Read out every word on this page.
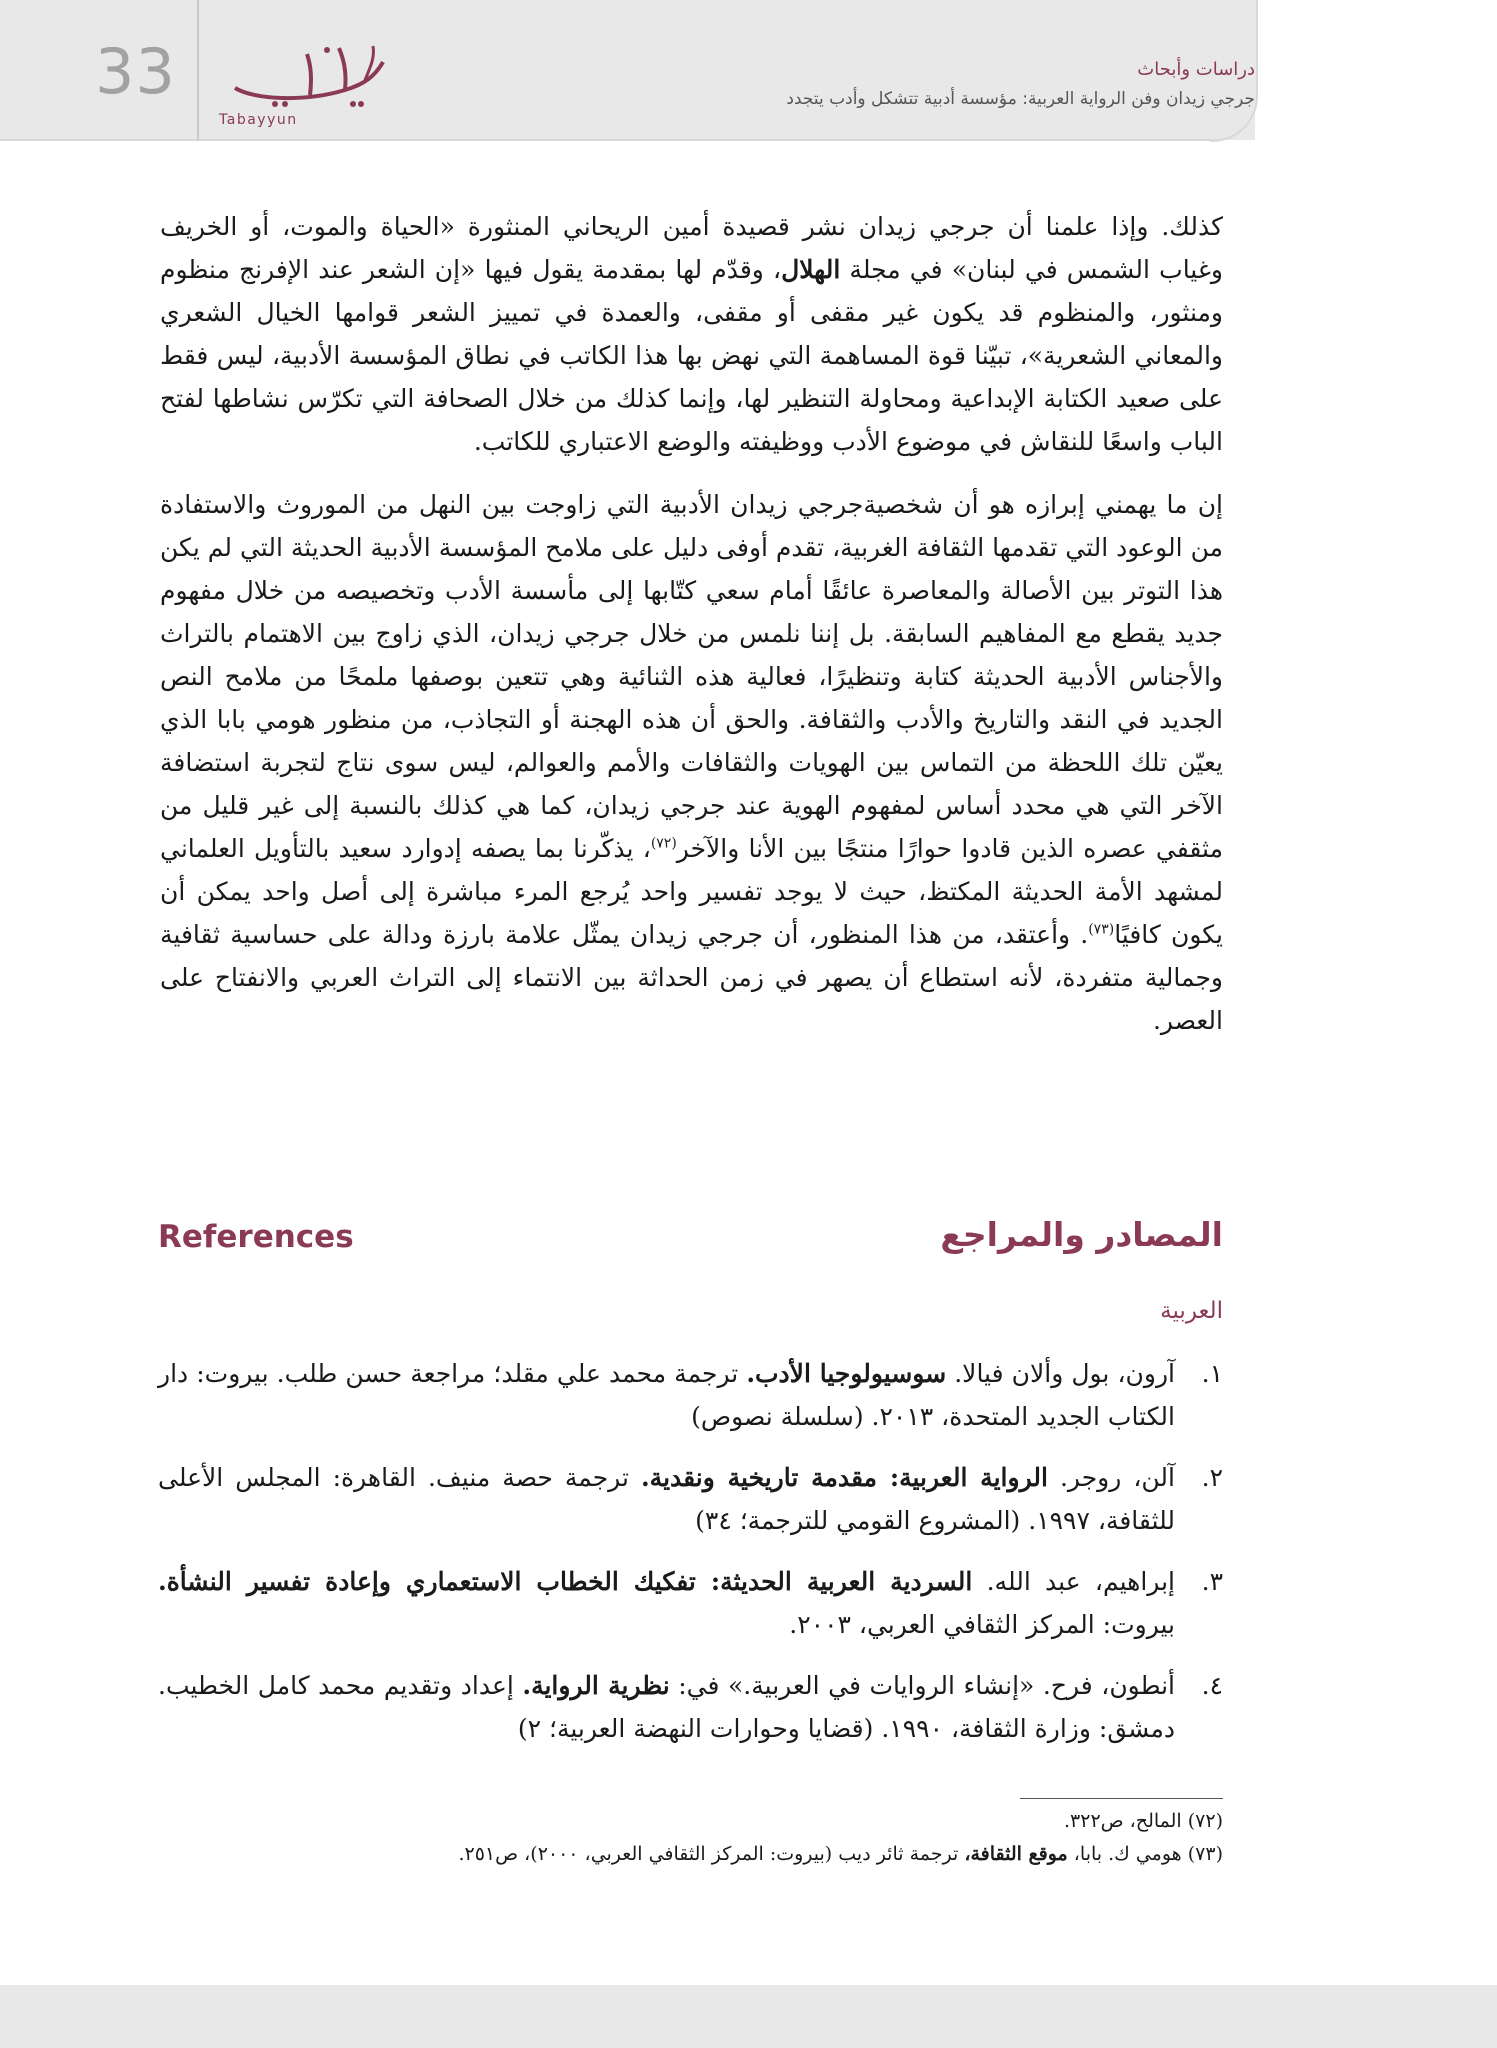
33
Tabayyun
دراسات وأبحاث
جرجي زيدان وفن الرواية العربية: مؤسسة أدبية تتشكل وأدب يتجدد

كذلك. وإذا علمنا أن جرجي زيدان نشر قصيدة أمين الريحاني المنثورة «الحياة والموت، أو الخريف وغياب الشمس في لبنان» في مجلة الهلال، وقدّم لها بمقدمة يقول فيها «إن الشعر عند الإفرنج منظوم ومنثور، والمنظوم قد يكون غير مقفى أو مقفى، والعمدة في تمييز الشعر قوامها الخيال الشعري والمعاني الشعرية»، تبيّنا قوة المساهمة التي نهض بها هذا الكاتب في نطاق المؤسسة الأدبية، ليس فقط على صعيد الكتابة الإبداعية ومحاولة التنظير لها، وإنما كذلك من خلال الصحافة التي تكرّس نشاطها لفتح الباب واسعًا للنقاش في موضوع الأدب ووظيفته والوضع الاعتباري للكاتب.

إن ما يهمني إبرازه هو أن شخصيةجرجي زيدان الأدبية التي زاوجت بين النهل من الموروث والاستفادة من الوعود التي تقدمها الثقافة الغربية، تقدم أوفى دليل على ملامح المؤسسة الأدبية الحديثة التي لم يكن هذا التوتر بين الأصالة والمعاصرة عائقًا أمام سعي كتّابها إلى مأسسة الأدب وتخصيصه من خلال مفهوم جديد يقطع مع المفاهيم السابقة. بل إننا نلمس من خلال جرجي زيدان، الذي زاوج بين الاهتمام بالتراث والأجناس الأدبية الحديثة كتابة وتنظيرًا، فعالية هذه الثنائية وهي تتعين بوصفها ملمحًا من ملامح النص الجديد في النقد والتاريخ والأدب والثقافة. والحق أن هذه الهجنة أو التجاذب، من منظور هومي بابا الذي يعيّن تلك اللحظة من التماس بين الهويات والثقافات والأمم والعوالم، ليس سوى نتاج لتجربة استضافة الآخر التي هي محدد أساس لمفهوم الهوية عند جرجي زيدان، كما هي كذلك بالنسبة إلى غير قليل من مثقفي عصره الذين قادوا حوارًا منتجًا بين الأنا والآخر$^{(٧٢)}$، يذكّرنا بما يصفه إدوارد سعيد بالتأويل العلماني لمشهد الأمة الحديثة المكتظ، حيث لا يوجد تفسير واحد يُرجع المرء مباشرة إلى أصل واحد يمكن أن يكون كافيًا$^{(٧٣)}$. وأعتقد، من هذا المنظور، أن جرجي زيدان يمثّل علامة بارزة ودالة على حساسية ثقافية وجمالية متفردة، لأنه استطاع أن يصهر في زمن الحداثة بين الانتماء إلى التراث العربي والانفتاح على العصر.

References	المصادر والمراجع
العربية
١.
آرون، بول وألان فيالا. سوسيولوجيا الأدب. ترجمة محمد علي مقلد؛ مراجعة حسن طلب. بيروت: دار الكتاب الجديد المتحدة، ٢٠١٣. (سلسلة نصوص)
٢.
آلن، روجر. الرواية العربية: مقدمة تاريخية ونقدية. ترجمة حصة منيف. القاهرة: المجلس الأعلى للثقافة، ١٩٩٧. (المشروع القومي للترجمة؛ ٣٤)
٣.
إبراهيم، عبد الله. السردية العربية الحديثة: تفكيك الخطاب الاستعماري وإعادة تفسير النشأة. بيروت: المركز الثقافي العربي، ٢٠٠٣.
٤.
أنطون، فرح. «إنشاء الروايات في العربية.» في: نظرية الرواية. إعداد وتقديم محمد كامل الخطيب. دمشق: وزارة الثقافة، ١٩٩٠. (قضايا وحوارات النهضة العربية؛ ٢)
(٧٢) المالح، ص٣٢٢.
(٧٣) هومي ك. بابا، موقع الثقافة، ترجمة ثائر ديب (بيروت: المركز الثقافي العربي، ٢٠٠٠)، ص٢٥١.
